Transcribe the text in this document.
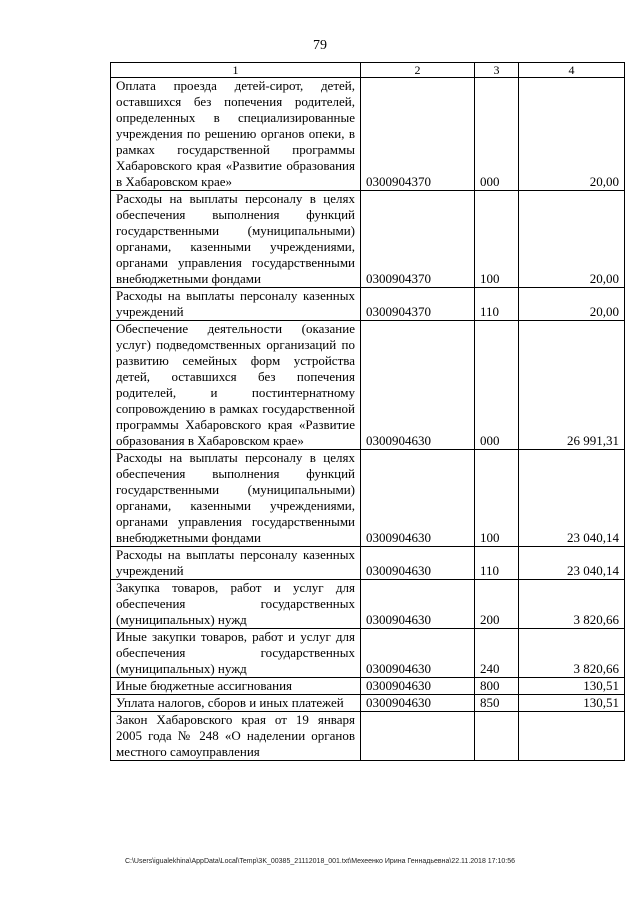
79
1	2	3	4
Оплата проезда детей-сирот, детей, оставшихся без попечения родителей, определенных в специализированные учреждения по решению органов опеки, в рамках государственной программы Хабаровского края «Развитие образования в Хабаровском крае»	0300904370	000	20,00
Расходы на выплаты персоналу в целях обеспечения выполнения функций государственными (муниципальными) органами, казенными учреждениями, органами управления государственными внебюджетными фондами	0300904370	100	20,00
Расходы на выплаты персоналу казенных учреждений	0300904370	110	20,00
Обеспечение деятельности (оказание услуг) подведомственных организаций по развитию семейных форм устройства детей, оставшихся без попечения родителей, и постинтернатному сопровождению в рамках государственной программы Хабаровского края «Развитие образования в Хабаровском крае»	0300904630	000	26 991,31
Расходы на выплаты персоналу в целях обеспечения выполнения функций государственными (муниципальными) органами, казенными учреждениями, органами управления государственными внебюджетными фондами	0300904630	100	23 040,14
Расходы на выплаты персоналу казенных учреждений	0300904630	110	23 040,14
Закупка товаров, работ и услуг для обеспечения государственных (муниципальных) нужд	0300904630	200	3 820,66
Иные закупки товаров, работ и услуг для обеспечения государственных (муниципальных) нужд	0300904630	240	3 820,66
Иные бюджетные ассигнования	0300904630	800	130,51
Уплата налогов, сборов и иных платежей	0300904630	850	130,51
Закон Хабаровского края от 19 января 2005 года № 248 «О наделении органов местного самоуправления			
C:\Users\igualekhina\AppData\Local\Temp\3K_00385_21112018_001.txt\Мехеенко Ирина Геннадьевна\22.11.2018 17:10:56
